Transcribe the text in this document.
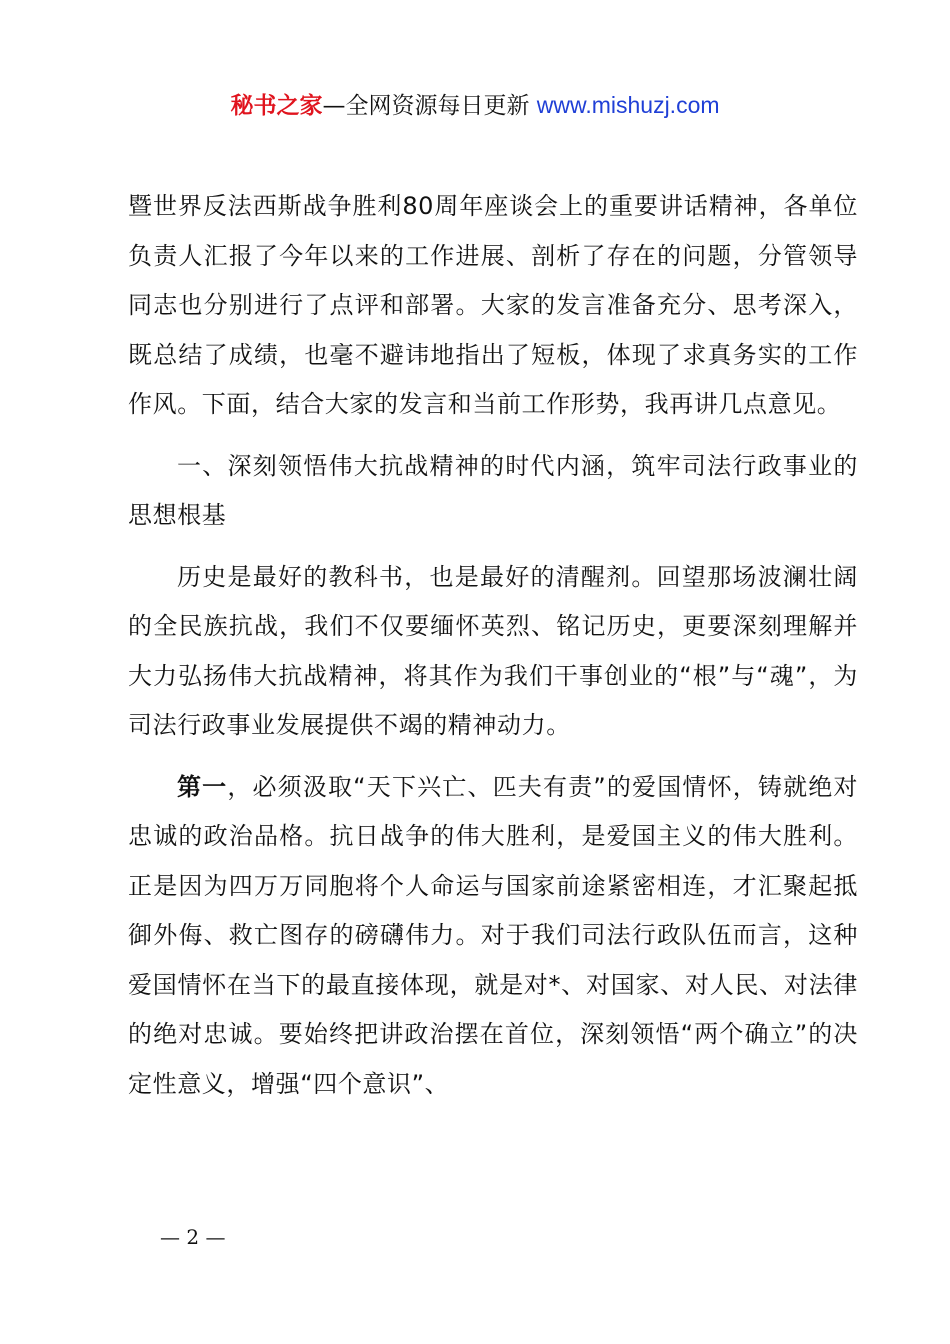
秘书之家—全网资源每日更新 www.mishuzj.com

暨世界反法西斯战争胜利80周年座谈会上的重要讲话精神，各单位负责人汇报了今年以来的工作进展、剖析了存在的问题，分管领导同志也分别进行了点评和部署。大家的发言准备充分、思考深入，既总结了成绩，也毫不避讳地指出了短板，体现了求真务实的工作作风。下面，结合大家的发言和当前工作形势，我再讲几点意见。

一、深刻领悟伟大抗战精神的时代内涵，筑牢司法行政事业的思想根基

历史是最好的教科书，也是最好的清醒剂。回望那场波澜壮阔的全民族抗战，我们不仅要缅怀英烈、铭记历史，更要深刻理解并大力弘扬伟大抗战精神，将其作为我们干事创业的“根”与“魂”，为司法行政事业发展提供不竭的精神动力。

第一，必须汲取“天下兴亡、匹夫有责”的爱国情怀，铸就绝对忠诚的政治品格。抗日战争的伟大胜利，是爱国主义的伟大胜利。正是因为四万万同胞将个人命运与国家前途紧密相连，才汇聚起抵御外侮、救亡图存的磅礴伟力。对于我们司法行政队伍而言，这种爱国情怀在当下的最直接体现，就是对*、对国家、对人民、对法律的绝对忠诚。要始终把讲政治摆在首位，深刻领悟“两个确立”的决定性意义，增强“四个意识”、

— 2 —
